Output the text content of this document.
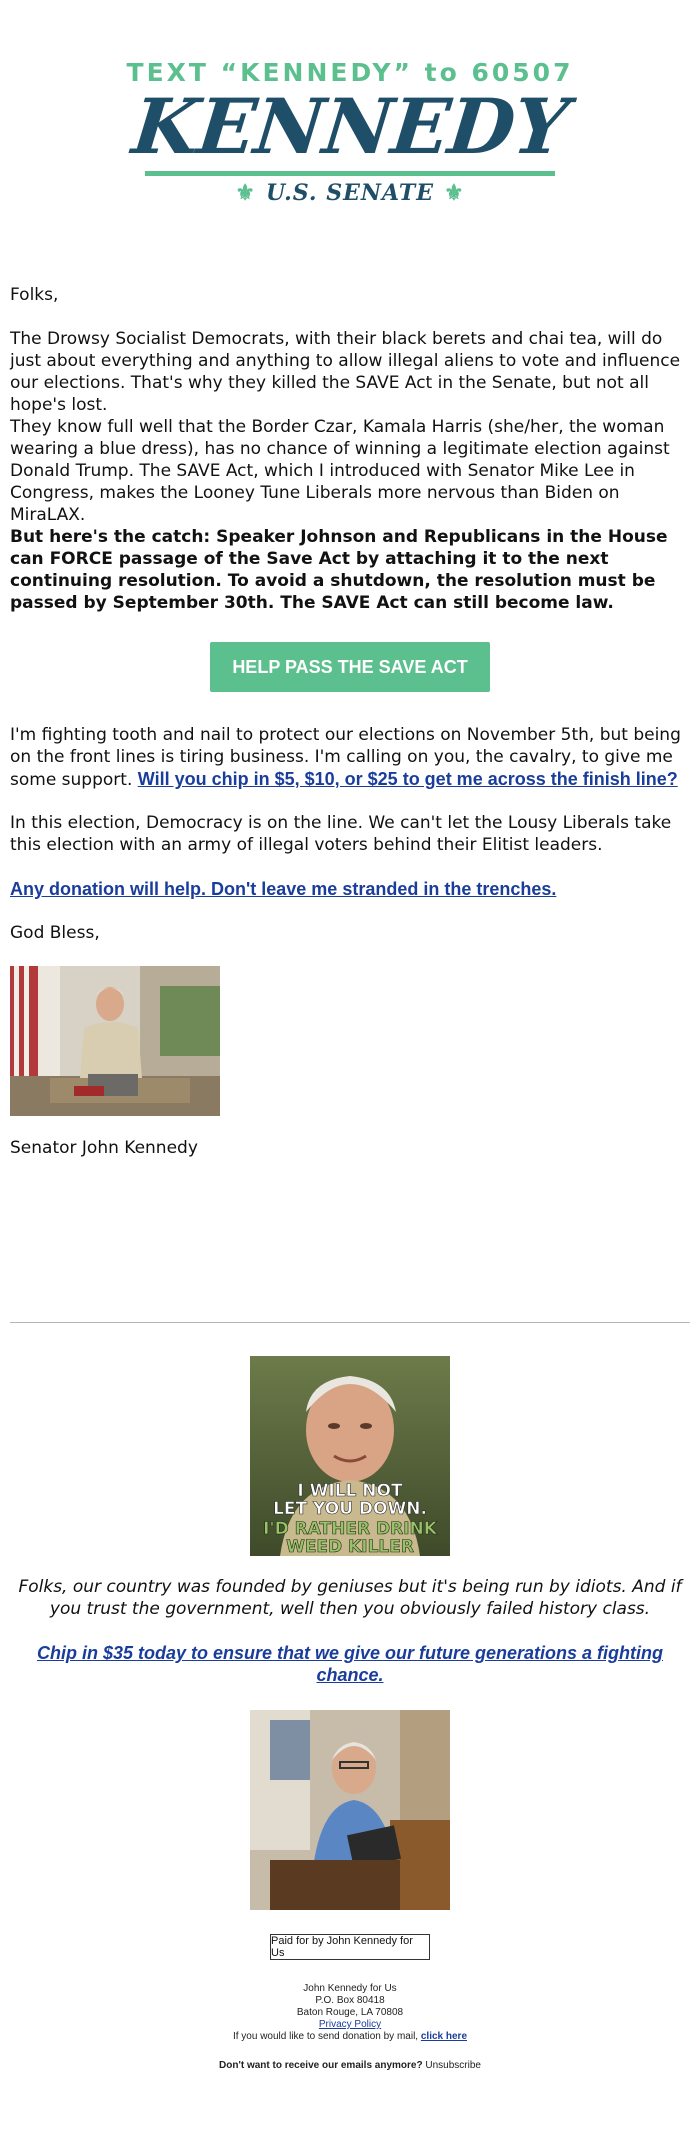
TEXT “KENNEDY” to 60507
KENNEDY
⚜ U.S. SENATE ⚜
Folks,
The Drowsy Socialist Democrats, with their black berets and chai tea, will do just about everything and anything to allow illegal aliens to vote and influence our elections. That's why they killed the SAVE Act in the Senate, but not all hope's lost.
They know full well that the Border Czar, Kamala Harris (she/her, the woman wearing a blue dress), has no chance of winning a legitimate election against Donald Trump. The SAVE Act, which I introduced with Senator Mike Lee in Congress, makes the Looney Tune Liberals more nervous than Biden on MiraLAX.
But here's the catch: Speaker Johnson and Republicans in the House can FORCE passage of the Save Act by attaching it to the next continuing resolution. To avoid a shutdown, the resolution must be passed by September 30th. The SAVE Act can still become law.
HELP PASS THE SAVE ACT
I'm fighting tooth and nail to protect our elections on November 5th, but being on the front lines is tiring business. I'm calling on you, the cavalry, to give me some support. Will you chip in $5, $10, or $25 to get me across the finish line?
In this election, Democracy is on the line. We can't let the Lousy Liberals take this election with an army of illegal voters behind their Elitist leaders.
Any donation will help. Don't leave me stranded in the trenches.
God Bless,
Senator John Kennedy
I WILL NOT
LET YOU DOWN.
I'D RATHER DRINK
WEED KILLER
Folks, our country was founded by geniuses but it's being run by idiots. And if you trust the government, well then you obviously failed history class.
Chip in $35 today to ensure that we give our future generations a fighting chance.
Paid for by John Kennedy for Us
John Kennedy for Us
P.O. Box 80418
Baton Rouge, LA 70808
Privacy Policy
If you would like to send donation by mail, click here
Don't want to receive our emails anymore? Unsubscribe
